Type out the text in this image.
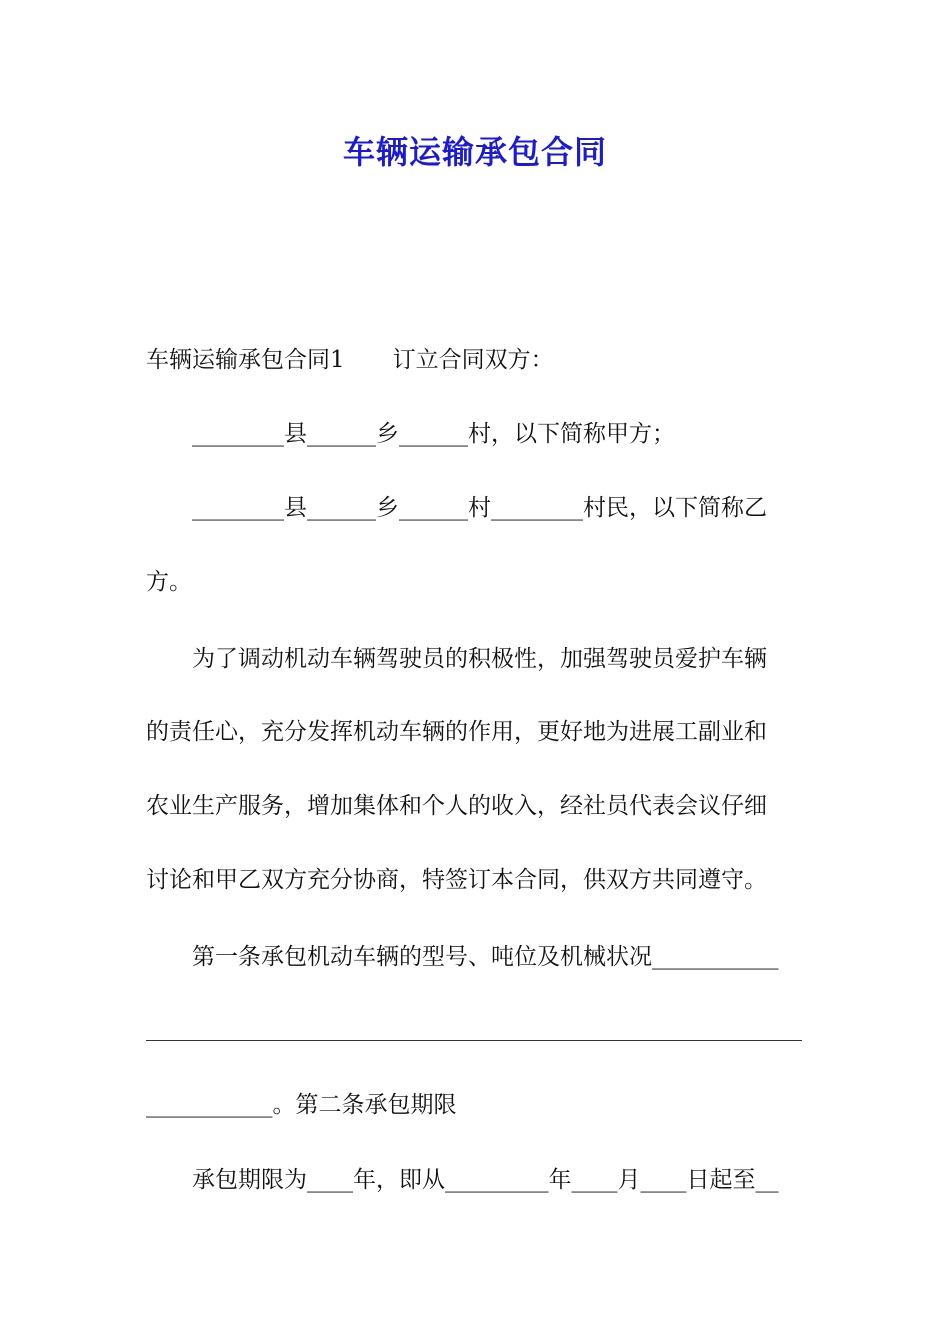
车辆运输承包合同
车辆运输承包合同1 订立合同双方：
________县______乡______村，以下简称甲方；
________县______乡______村________村民，以下简称乙
方。
为了调动机动车辆驾驶员的积极性，加强驾驶员爱护车辆
的责任心，充分发挥机动车辆的作用，更好地为进展工副业和
农业生产服务，增加集体和个人的收入，经社员代表会议仔细
讨论和甲乙双方充分协商，特签订本合同，供双方共同遵守。
第一条承包机动车辆的型号、吨位及机械状况___________
___________。第二条承包期限
承包期限为____年，即从_________年____月____日起至__
